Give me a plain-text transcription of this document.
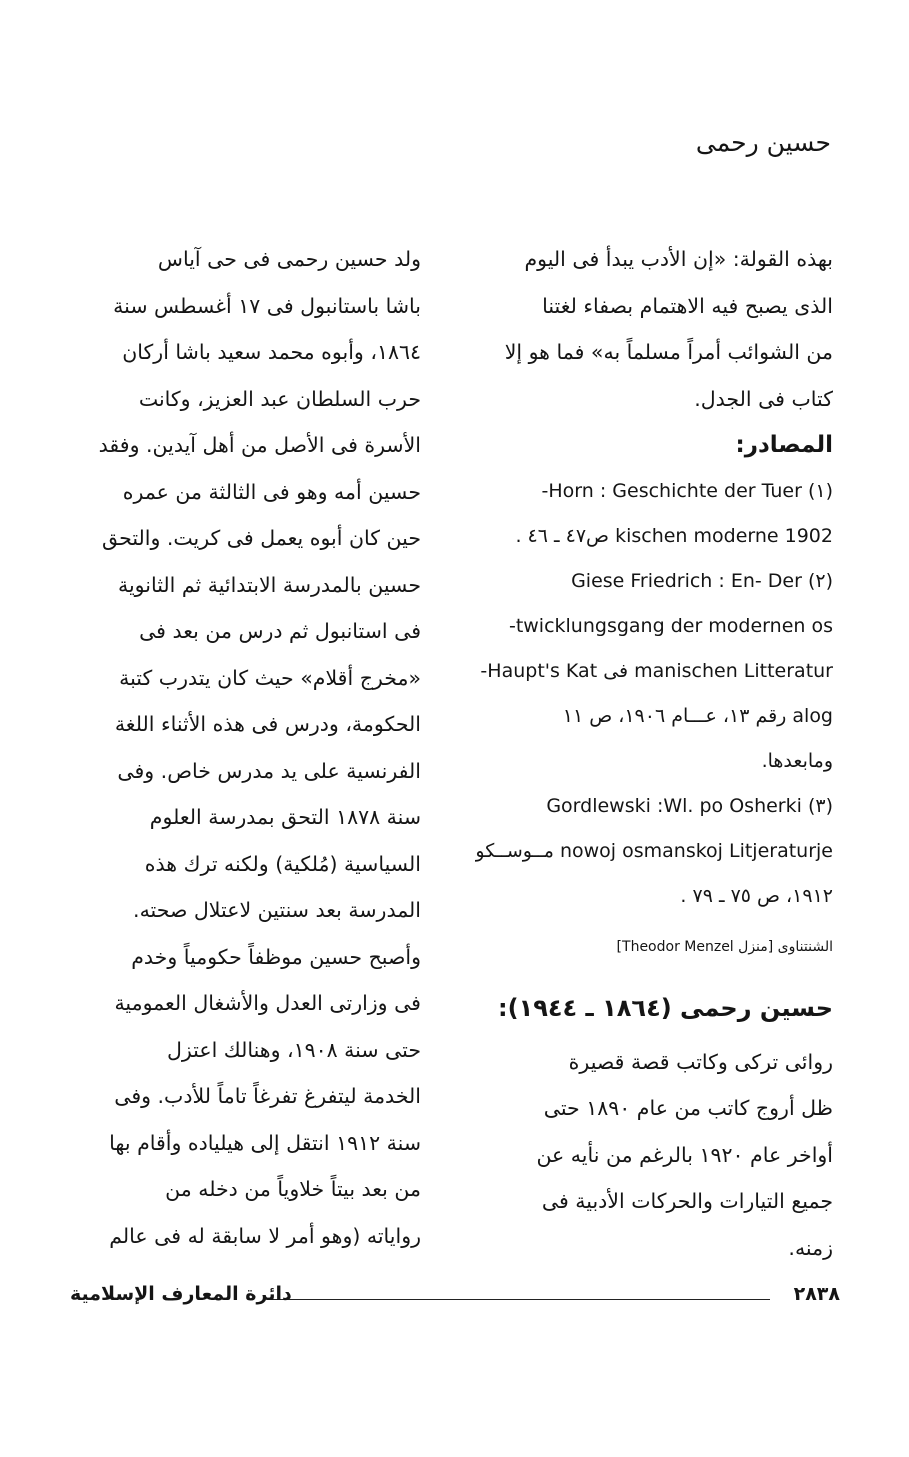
حسين رحمى
بهذه القولة: «إن الأدب يبدأ فى اليوم
الذى يصبح فيه الاهتمام بصفاء لغتنا
من الشوائب أمراً مسلماً به» فما هو إلا
كتاب فى الجدل.
المصادر:
(١) Horn : Geschichte der Tuer-
kischen moderne 1902 ص٤٧ ـ ٤٦ .
(٢) Giese Friedrich : En- Der
twicklungsgang der modernen os-
manischen Litteratur فى Haupt's Kat-
alog رقم ١٣، عـــام ١٩٠٦، ص ١١
ومابعدها.
(٣) Gordlewski :Wl. po Osherki
nowoj osmanskoj Litjeraturje مــوســكو
١٩١٢، ص ٧٥ ـ ٧٩ .
الشنتناوى [منزل Theodor Menzel]
حسين رحمى (١٨٦٤ ـ ١٩٤٤):
روائى تركى وكاتب قصة قصيرة
ظل أروج كاتب من عام ١٨٩٠ حتى
أواخر عام ١٩٢٠ بالرغم من نأيه عن
جميع التيارات والحركات الأدبية فى
زمنه.
ولد حسين رحمى فى حى آياس
باشا باستانبول فى ١٧ أغسطس سنة
١٨٦٤، وأبوه محمد سعيد باشا أركان
حرب السلطان عبد العزيز، وكانت
الأسرة فى الأصل من أهل آيدين. وفقد
حسين أمه وهو فى الثالثة من عمره
حين كان أبوه يعمل فى كريت. والتحق
حسين بالمدرسة الابتدائية ثم الثانوية
فى استانبول ثم درس من بعد فى
«مخرج أقلام» حيث كان يتدرب كتبة
الحكومة، ودرس فى هذه الأثناء اللغة
الفرنسية على يد مدرس خاص. وفى
سنة ١٨٧٨ التحق بمدرسة العلوم
السياسية (مُلكية) ولكنه ترك هذه
المدرسة بعد سنتين لاعتلال صحته.
وأصبح حسين موظفاً حكومياً وخدم
فى وزارتى العدل والأشغال العمومية
حتى سنة ١٩٠٨، وهنالك اعتزل
الخدمة ليتفرغ تفرغاً تاماً للأدب. وفى
سنة ١٩١٢ انتقل إلى هيلياده وأقام بها
من بعد بيتاً خلاوياً من دخله من
رواياته (وهو أمر لا سابقة له فى عالم
٢٨٣٨
دائرة المعارف الإسلامية
